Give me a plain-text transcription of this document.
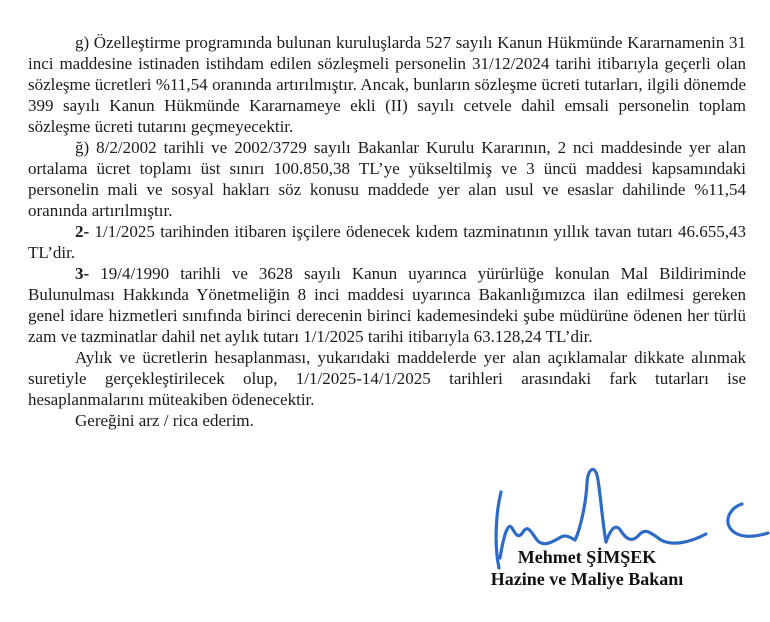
g) Özelleştirme programında bulunan kuruluşlarda 527 sayılı Kanun Hükmünde Kararnamenin 31 inci maddesine istinaden istihdam edilen sözleşmeli personelin 31/12/2024 tarihi itibarıyla geçerli olan sözleşme ücretleri %11,54 oranında artırılmıştır. Ancak, bunların sözleşme ücreti tutarları, ilgili dönemde 399 sayılı Kanun Hükmünde Kararnameye ekli (II) sayılı cetvele dahil emsali personelin toplam sözleşme ücreti tutarını geçmeyecektir.

ğ) 8/2/2002 tarihli ve 2002/3729 sayılı Bakanlar Kurulu Kararının, 2 nci maddesinde yer alan ortalama ücret toplamı üst sınırı 100.850,38 TL’ye yükseltilmiş ve 3 üncü maddesi kapsamındaki personelin mali ve sosyal hakları söz konusu maddede yer alan usul ve esaslar dahilinde %11,54 oranında artırılmıştır.

2- 1/1/2025 tarihinden itibaren işçilere ödenecek kıdem tazminatının yıllık tavan tutarı 46.655,43 TL’dir.

3- 19/4/1990 tarihli ve 3628 sayılı Kanun uyarınca yürürlüğe konulan Mal Bildiriminde Bulunulması Hakkında Yönetmeliğin 8 inci maddesi uyarınca Bakanlığımızca ilan edilmesi gereken genel idare hizmetleri sınıfında birinci derecenin birinci kademesindeki şube müdürüne ödenen her türlü zam ve tazminatlar dahil net aylık tutarı 1/1/2025 tarihi itibarıyla 63.128,24 TL’dir.

Aylık ve ücretlerin hesaplanması, yukarıdaki maddelerde yer alan açıklamalar dikkate alınmak suretiyle gerçekleştirilecek olup, 1/1/2025-14/1/2025 tarihleri arasındaki fark tutarları ise hesaplanmalarını müteakiben ödenecektir.

Gereğini arz / rica ederim.

Mehmet ŞİMŞEK
Hazine ve Maliye Bakanı
